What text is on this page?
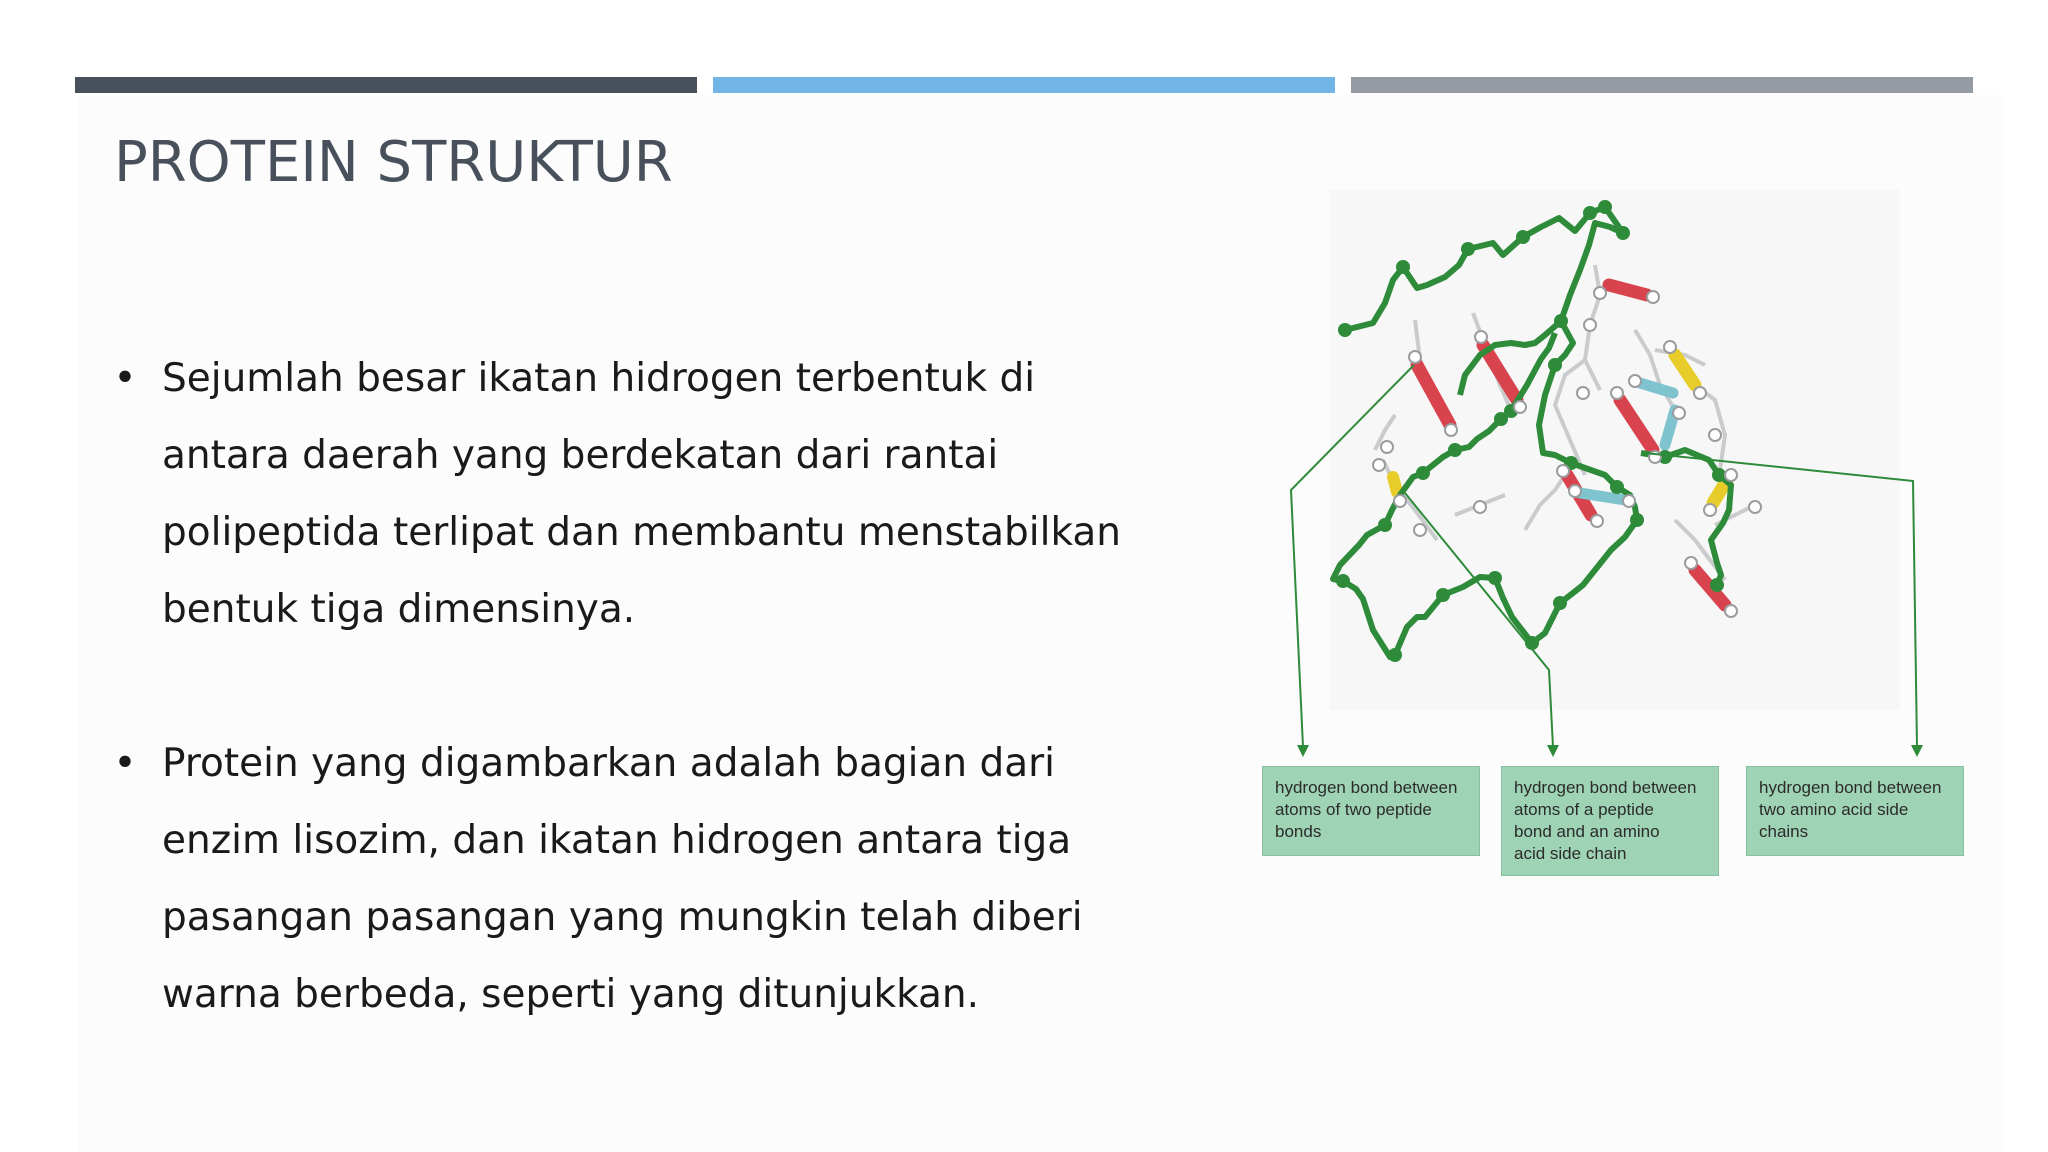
PROTEIN STRUKTUR
• Sejumlah besar ikatan hidrogen terbentuk di
antara daerah yang berdekatan dari rantai
polipeptida terlipat dan membantu menstabilkan
bentuk tiga dimensinya.
• Protein yang digambarkan adalah bagian dari
enzim lisozim, dan ikatan hidrogen antara tiga
pasangan pasangan yang mungkin telah diberi
warna berbeda, seperti yang ditunjukkan.
hydrogen bond between
atoms of two peptide
bonds
hydrogen bond between
atoms of a peptide
bond and an amino
acid side chain
hydrogen bond between
two amino acid side
chains
